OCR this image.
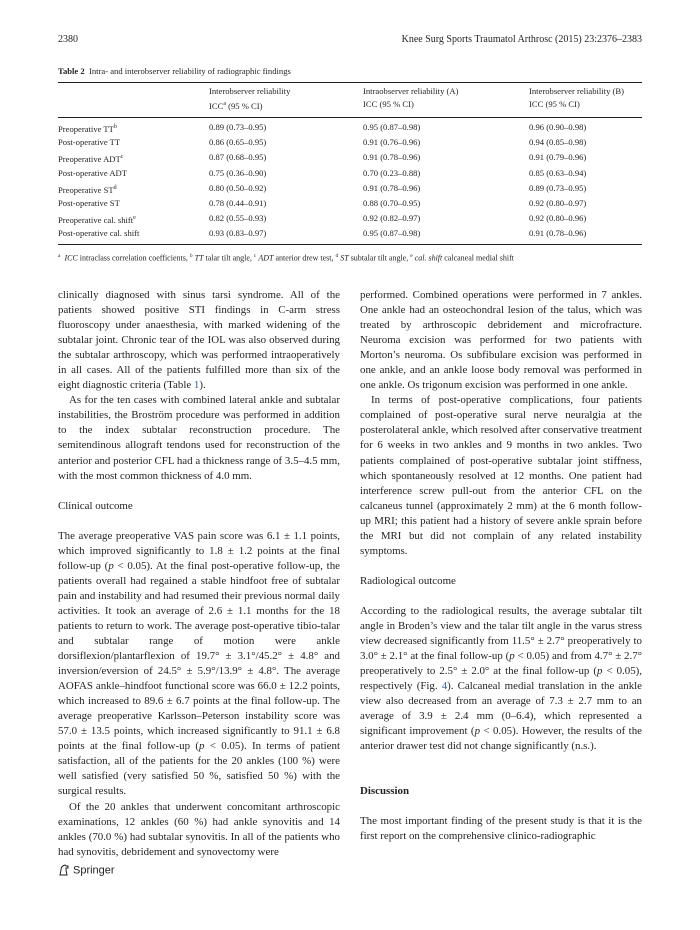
2380	Knee Surg Sports Traumatol Arthrosc (2015) 23:2376–2383
Table 2 Intra- and interobserver reliability of radiographic findings
Interobserver reliability
ICC$^a$ (95 % CI)
Intraobserver reliability (A)
ICC (95 % CI)
Interobserver reliability (B)
ICC (95 % CI)
Preoperative $TT^b$	0.89 (0.73–0.95)	0.95 (0.87–0.98)	0.96 (0.90–0.98)
Post-operative TT	0.86 (0.65–0.95)	0.91 (0.76–0.96)	0.94 (0.85–0.98)
Preoperative ADT$^c$	0.87 (0.68–0.95)	0.91 (0.78–0.96)	0.91 (0.79–0.96)
Post-operative ADT	0.75 (0.36–0.90)	0.70 (0.23–0.88)	0.85 (0.63–0.94)
Preoperative $ST^d$	0.80 (0.50–0.92)	0.91 (0.78–0.96)	0.89 (0.73–0.95)
Post-operative ST	0.78 (0.44–0.91)	0.88 (0.70–0.95)	0.92 (0.80–0.97)
Preoperative cal. shift$^e$	0.82 (0.55–0.93)	0.92 (0.82–0.97)	0.92 (0.80–0.96)
Post-operative cal. shift	0.93 (0.83–0.97)	0.95 (0.87–0.98)	0.91 (0.78–0.96)
$^a$ ICC intraclass correlation coefficients, $^b$ TT talar tilt angle, $^c$ ADT anterior drew test, $^d$ ST subtalar tilt angle, $^e$ cal. shift calcaneal medial shift

clinically diagnosed with sinus tarsi syndrome. All of the patients showed positive STI findings in C-arm stress fluoroscopy under anaesthesia, with marked widening of the subtalar joint. Chronic tear of the IOL was also observed during the subtalar arthroscopy, which was performed intraoperatively in all cases. All of the patients fulfilled more than six of the eight diagnostic criteria (Table 1).

As for the ten cases with combined lateral ankle and subtalar instabilities, the Broström procedure was performed in addition to the index subtalar reconstruction procedure. The semitendinous allograft tendons used for reconstruction of the anterior and posterior CFL had a thickness range of 3.5–4.5 mm, with the most common thickness of 4.0 mm.

Clinical outcome

The average preoperative VAS pain score was 6.1 ± 1.1 points, which improved significantly to 1.8 ± 1.2 points at the final follow-up (p < 0.05). At the final post-operative follow-up, the patients overall had regained a stable hindfoot free of subtalar pain and instability and had resumed their previous normal daily activities. It took an average of 2.6 ± 1.1 months for the 18 patients to return to work. The average post-operative tibio-talar and subtalar range of motion were ankle dorsiflexion/plantarflexion of 19.7° ± 3.1°/45.2° ± 4.8° and inversion/eversion of 24.5° ± 5.9°/13.9° ± 4.8°. The average AOFAS ankle–hindfoot functional score was 66.0 ± 12.2 points, which increased to 89.6 ± 6.7 points at the final follow-up. The average preoperative Karlsson–Peterson instability score was 57.0 ± 13.5 points, which increased significantly to 91.1 ± 6.8 points at the final follow-up (p < 0.05). In terms of patient satisfaction, all of the patients for the 20 ankles (100 %) were well satisfied (very satisfied 50 %, satisfied 50 %) with the surgical results.

Of the 20 ankles that underwent concomitant arthroscopic examinations, 12 ankles (60 %) had ankle synovitis and 14 ankles (70.0 %) had subtalar synovitis. In all of the patients who had synovitis, debridement and synovectomy were

performed. Combined operations were performed in 7 ankles. One ankle had an osteochondral lesion of the talus, which was treated by arthroscopic debridement and microfracture. Neuroma excision was performed for two patients with Morton’s neuroma. Os subfibulare excision was performed in one ankle, and an ankle loose body removal was performed in one ankle. Os trigonum excision was performed in one ankle.

In terms of post-operative complications, four patients complained of post-operative sural nerve neuralgia at the posterolateral ankle, which resolved after conservative treatment for 6 weeks in two ankles and 9 months in two ankles. Two patients complained of post-operative subtalar joint stiffness, which spontaneously resolved at 12 months. One patient had interference screw pull-out from the anterior CFL on the calcaneus tunnel (approximately 2 mm) at the 6 month follow-up MRI; this patient had a history of severe ankle sprain before the MRI but did not complain of any related instability symptoms.

Radiological outcome

According to the radiological results, the average subtalar tilt angle in Broden’s view and the talar tilt angle in the varus stress view decreased significantly from 11.5° ± 2.7° preoperatively to 3.0° ± 2.1° at the final follow-up (p < 0.05) and from 4.7° ± 2.7° preoperatively to 2.5° ± 2.0° at the final follow-up (p < 0.05), respectively (Fig. 4). Calcaneal medial translation in the ankle view also decreased from an average of 7.3 ± 2.7 mm to an average of 3.9 ± 2.4 mm (0–6.4), which represented a significant improvement (p < 0.05). However, the results of the anterior drawer test did not change significantly (n.s.).

Discussion

The most important finding of the present study is that it is the first report on the comprehensive clinico-radiographic

Springer
